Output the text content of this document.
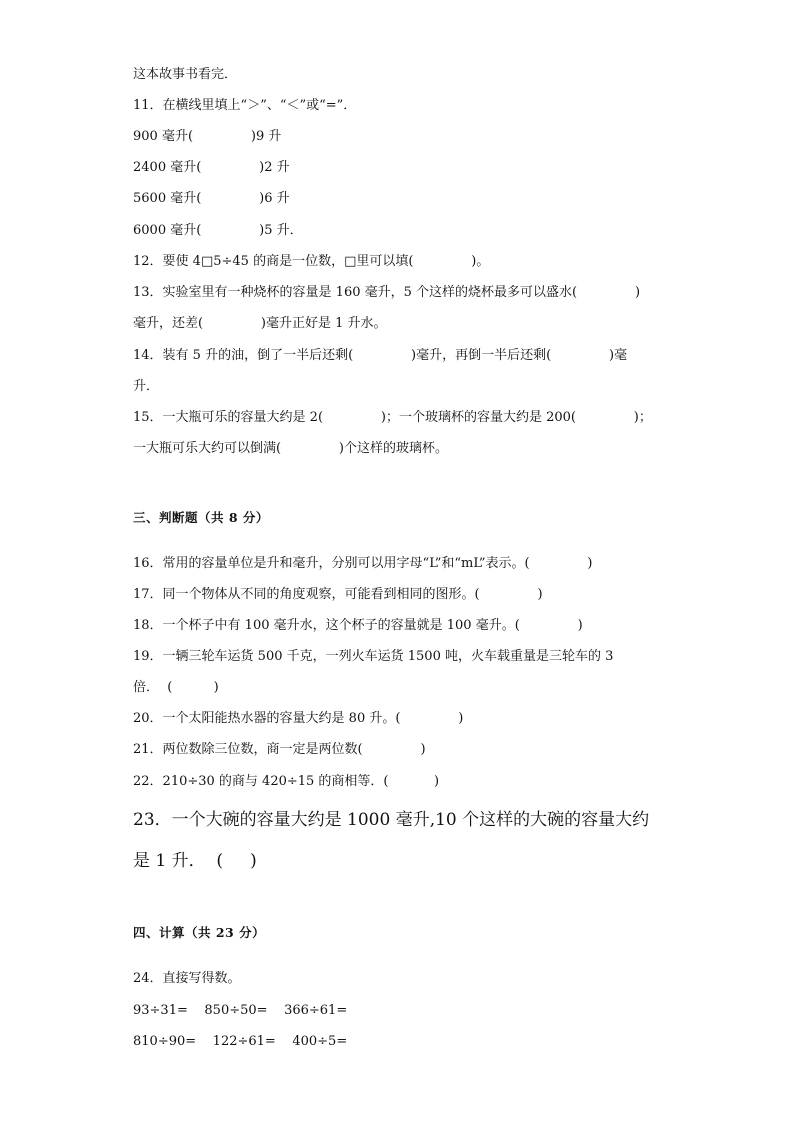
这本故事书看完．
11．在横线里填上“＞”、“＜”或“=”．
900 毫升(              )9 升
2400 毫升(              )2 升
5600 毫升(              )6 升
6000 毫升(              )5 升．
12．要使 4□5÷45 的商是一位数，□里可以填(              )。
13．实验室里有一种烧杯的容量是 160 毫升，5 个这样的烧杯最多可以盛水(              )
毫升，还差(              )毫升正好是 1 升水。
14．装有 5 升的油，倒了一半后还剩(              )毫升，再倒一半后还剩(              )毫
升．
15．一大瓶可乐的容量大约是 2(              )；一个玻璃杯的容量大约是 200(              )；
一大瓶可乐大约可以倒满(              )个这样的玻璃杯。
三、判断题（共 8 分）
16．常用的容量单位是升和毫升，分别可以用字母“L”和“mL”表示。(              )
17．同一个物体从不同的角度观察，可能看到相同的图形。(              )
18．一个杯子中有 100 毫升水，这个杯子的容量就是 100 毫升。(              )
19．一辆三轮车运货 500 千克，一列火车运货 1500 吨，火车载重量是三轮车的 3
倍．  (          )
20．一个太阳能热水器的容量大约是 80 升。(              )
21．两位数除三位数，商一定是两位数(              )
22．210÷30 的商与 420÷15 的商相等．(           )
23．一个大碗的容量大约是 1000 毫升,10 个这样的大碗的容量大约
是 1 升．  (     )
四、计算（共 23 分）
24．直接写得数。
93÷31=    850÷50=    366÷61=
810÷90=    122÷61=    400÷5=
